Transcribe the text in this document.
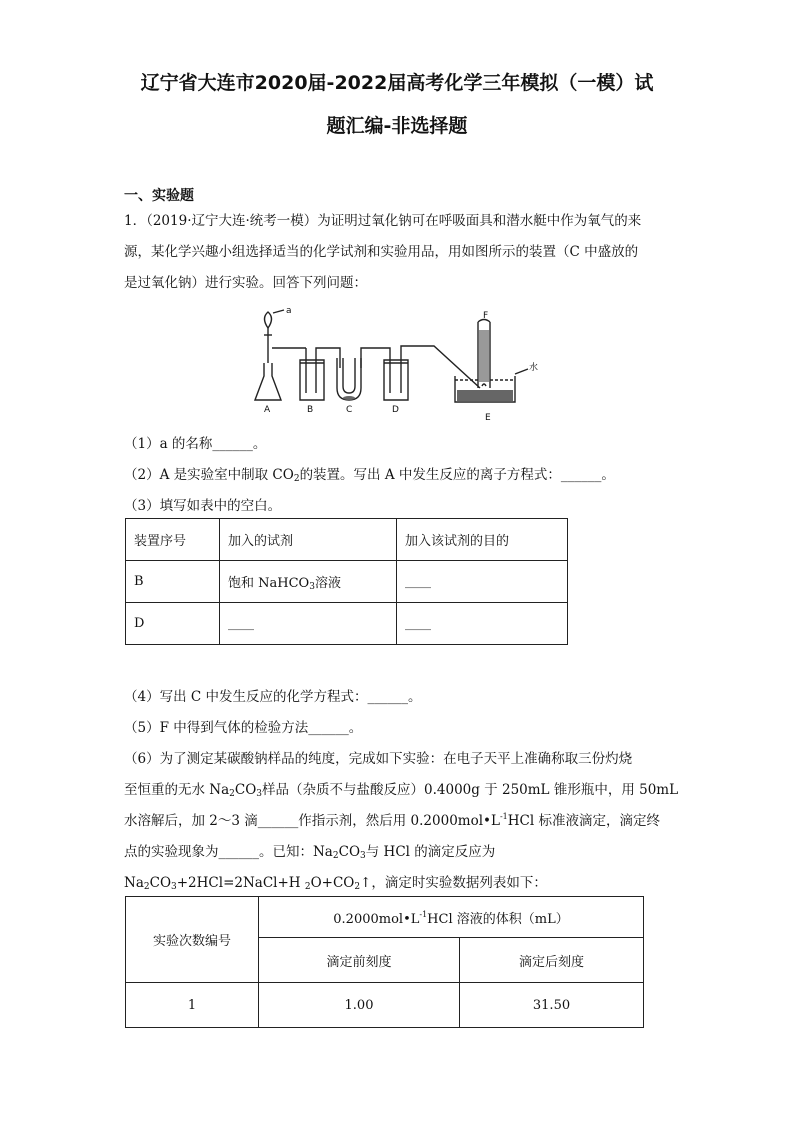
辽宁省大连市2020届-2022届高考化学三年模拟（一模）试
题汇编-非选择题
一、实验题
1．（2019·辽宁大连·统考一模）为证明过氧化钠可在呼吸面具和潜水艇中作为氧气的来
源，某化学兴趣小组选择适当的化学试剂和实验用品，用如图所示的装置（C 中盛放的
是过氧化钠）进行实验。回答下列问题：
a
A	B	C	D
E
F
水
（1）a 的名称______。
（2）A 是实验室中制取 $CO_2$的装置。写出 A 中发生反应的离子方程式：______。
（3）填写如表中的空白。
装置序号	加入的试剂	加入该试剂的目的
B	饱和 NaHCO$_3$溶液	____
D	____	____
（4）写出 C 中发生反应的化学方程式：______。
（5）F 中得到气体的检验方法______。
（6）为了测定某碳酸钠样品的纯度，完成如下实验：在电子天平上准确称取三份灼烧
至恒重的无水 $Na_2CO_3$样品（杂质不与盐酸反应）0.4000g 于 250mL 锥形瓶中，用 50mL
水溶解后，加 2～3 滴______作指示剂，然后用 $0.2000mol•L^{-1}HCl$ 标准液滴定，滴定终
点的实验现象为______。已知：$Na_2CO_3$与 HCl 的滴定反应为
$Na_2CO_3+2HCl=2NaCl+H$ $_2O+CO_2↑$，滴定时实验数据列表如下：
实验次数编号	$0.2000mol•L^{-1}HCl$ 溶液的体积（mL）	
	滴定前刻度	滴定后刻度
1	1.00	31.50
